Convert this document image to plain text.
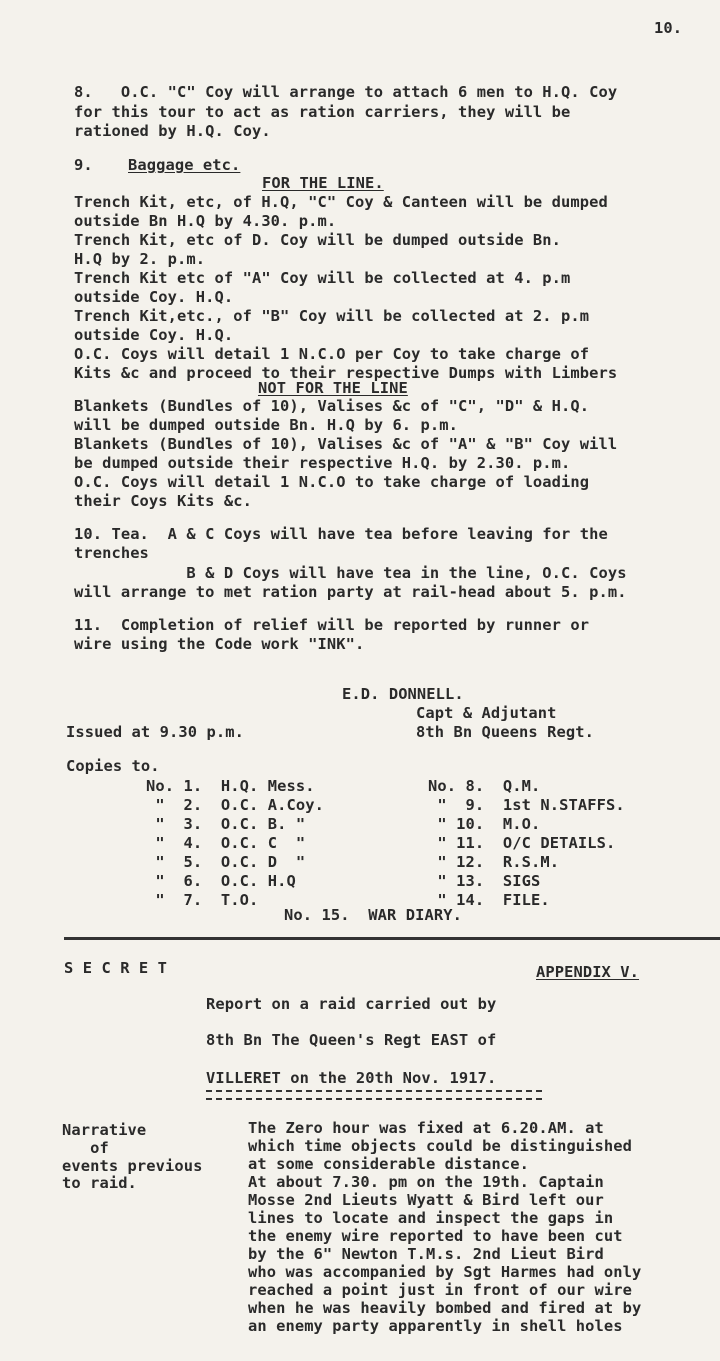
10.
8.   O.C. "C" Coy will arrange to attach 6 men to H.Q. Coy
for this tour to act as ration carriers, they will be
rationed by H.Q. Coy.
9. Baggage etc.
FOR THE LINE.
Trench Kit, etc, of H.Q, "C" Coy & Canteen will be dumped
outside Bn H.Q by 4.30. p.m.
Trench Kit, etc of D. Coy will be dumped outside Bn.
H.Q by 2. p.m.
Trench Kit etc of "A" Coy will be collected at 4. p.m
outside Coy. H.Q.
Trench Kit,etc., of "B" Coy will be collected at 2. p.m
outside Coy. H.Q.
O.C. Coys will detail 1 N.C.O per Coy to take charge of
Kits &c and proceed to their respective Dumps with Limbers
NOT FOR THE LINE
Blankets (Bundles of 10), Valises &c of "C", "D" & H.Q.
will be dumped outside Bn. H.Q by 6. p.m.
Blankets (Bundles of 10), Valises &c of "A" & "B" Coy will
be dumped outside their respective H.Q. by 2.30. p.m.
O.C. Coys will detail 1 N.C.O to take charge of loading
their Coys Kits &c.
10. Tea.  A & C Coys will have tea before leaving for the
trenches
B & D Coys will have tea in the line, O.C. Coys
will arrange to met ration party at rail-head about 5. p.m.
11.  Completion of relief will be reported by runner or
wire using the Code work "INK".
E.D. DONNELL.
Capt & Adjutant
Issued at 9.30 p.m.	8th Bn Queens Regt.
Copies to.
No. 1.  H.Q. Mess.
"  2.  O.C. A.Coy.
"  3.  O.C. B. "
"  4.  O.C. C  "
"  5.  O.C. D  "
"  6.  O.C. H.Q
"  7.  T.O.
No. 8.  Q.M.
"  9.  1st N.STAFFS.
" 10.  M.O.
" 11.  O/C DETAILS.
" 12.  R.S.M.
" 13.  SIGS
" 14.  FILE.
No. 15.  WAR DIARY.
S E C R E T	APPENDIX V.
Report on a raid carried out by
8th Bn The Queen's Regt EAST of
VILLERET on the 20th Nov. 1917.
Narrative
of
events previous
to raid.
The Zero hour was fixed at 6.20.AM. at
which time objects could be distinguished
at some considerable distance.
At about 7.30. pm on the 19th. Captain
Mosse 2nd Lieuts Wyatt & Bird left our
lines to locate and inspect the gaps in
the enemy wire reported to have been cut
by the 6" Newton T.M.s. 2nd Lieut Bird
who was accompanied by Sgt Harmes had only
reached a point just in front of our wire
when he was heavily bombed and fired at by
an enemy party apparently in shell holes
